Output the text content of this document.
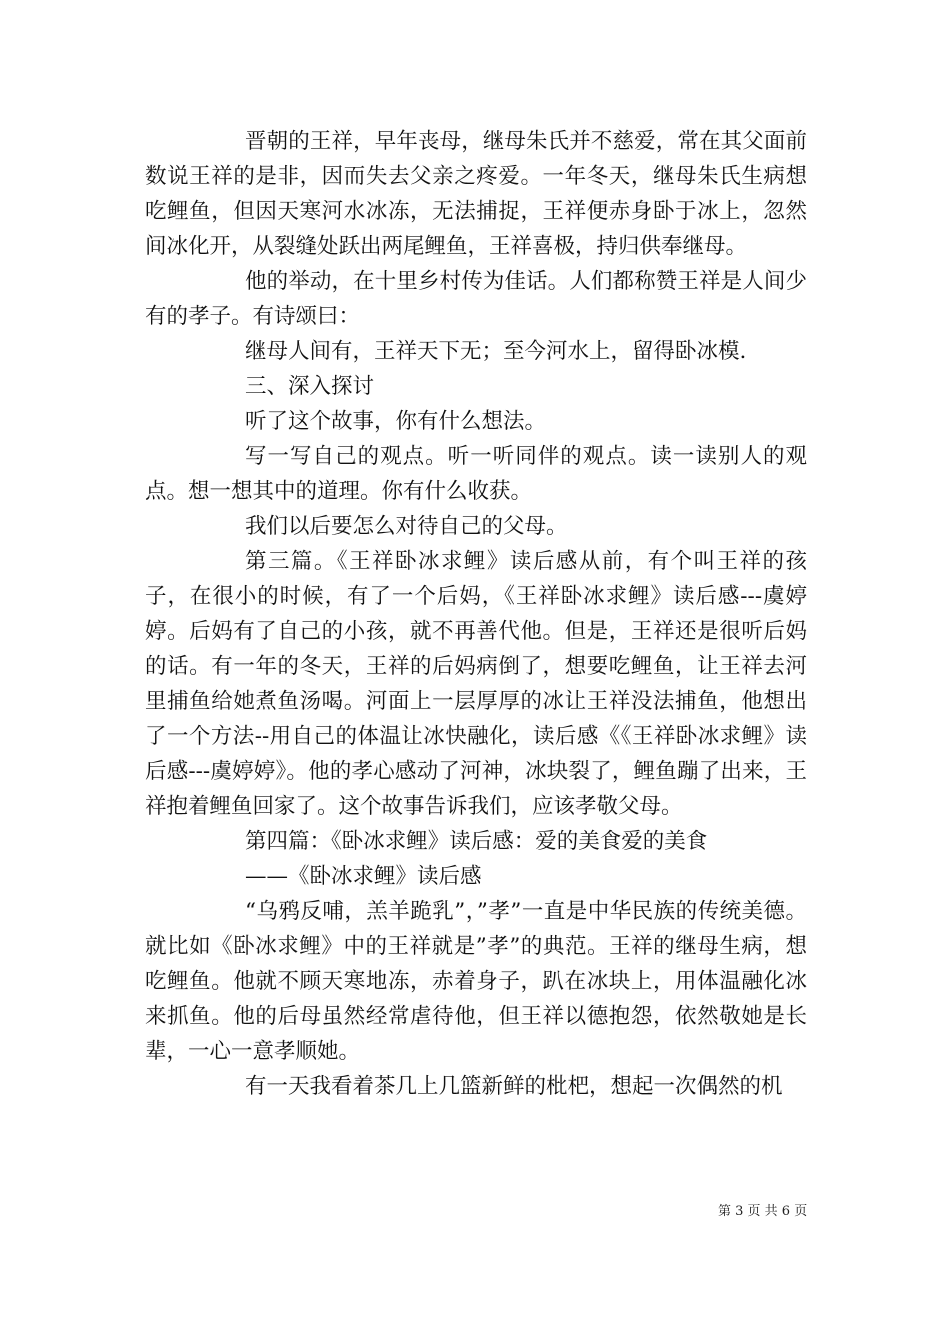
晋朝的王祥，早年丧母，继母朱氏并不慈爱，常在其父面前数说王祥的是非，因而失去父亲之疼爱。一年冬天，继母朱氏生病想吃鲤鱼，但因天寒河水冰冻，无法捕捉，王祥便赤身卧于冰上，忽然间冰化开，从裂缝处跃出两尾鲤鱼，王祥喜极，持归供奉继母。

他的举动，在十里乡村传为佳话。人们都称赞王祥是人间少有的孝子。有诗颂曰：

继母人间有，王祥天下无；至今河水上，留得卧冰模.

三、深入探讨

听了这个故事，你有什么想法。

写一写自己的观点。听一听同伴的观点。读一读别人的观点。想一想其中的道理。你有什么收获。

我们以后要怎么对待自己的父母。

第三篇。《王祥卧冰求鲤》读后感从前，有个叫王祥的孩子，在很小的时候，有了一个后妈，《王祥卧冰求鲤》读后感---虞婷婷。后妈有了自己的小孩，就不再善代他。但是，王祥还是很听后妈的话。有一年的冬天，王祥的后妈病倒了，想要吃鲤鱼，让王祥去河里捕鱼给她煮鱼汤喝。河面上一层厚厚的冰让王祥没法捕鱼，他想出了一个方法--用自己的体温让冰快融化，读后感《《王祥卧冰求鲤》读后感---虞婷婷》。他的孝心感动了河神，冰块裂了，鲤鱼蹦了出来，王祥抱着鲤鱼回家了。这个故事告诉我们，应该孝敬父母。

第四篇：《卧冰求鲤》读后感：爱的美食爱的美食

——《卧冰求鲤》读后感

“乌鸦反哺，羔羊跪乳”，”孝”一直是中华民族的传统美德。就比如《卧冰求鲤》中的王祥就是”孝”的典范。王祥的继母生病，想吃鲤鱼。他就不顾天寒地冻，赤着身子，趴在冰块上，用体温融化冰来抓鱼。他的后母虽然经常虐待他，但王祥以德抱怨，依然敬她是长辈，一心一意孝顺她。

有一天我看着茶几上几篮新鲜的枇杷，想起一次偶然的机

第 3 页 共 6 页
